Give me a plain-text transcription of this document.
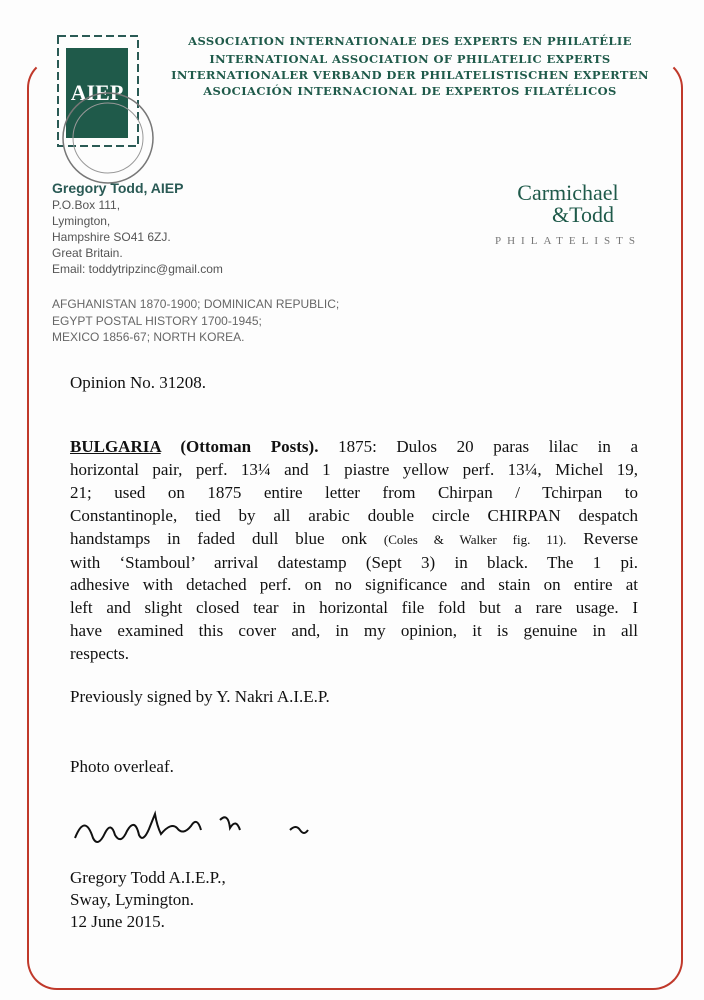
AIEP
ASSOCIATION INTERNATIONALE DES EXPERTS EN PHILATÉLIE
INTERNATIONAL ASSOCIATION OF PHILATELIC EXPERTS
INTERNATIONALER VERBAND DER PHILATELISTISCHEN EXPERTEN
ASOCIACIÓN INTERNACIONAL DE EXPERTOS FILATÉLICOS
Gregory Todd, AIEP
P.O.Box 111,
Lymington,
Hampshire SO41 6ZJ.
Great Britain.
Email: toddytripzinc@gmail.com
AFGHANISTAN 1870-1900; DOMINICAN REPUBLIC;
EGYPT POSTAL HISTORY 1700-1945;
MEXICO 1856-67; NORTH KOREA.
Carmichael
&Todd
PHILATELISTS
Opinion No. 31208.
BULGARIA (Ottoman Posts). 1875: Dulos 20 paras lilac in a
horizontal pair, perf. 13¼ and 1 piastre yellow perf. 13¼, Michel 19,
21; used on 1875 entire letter from Chirpan / Tchirpan to
Constantinople, tied by all arabic double circle CHIRPAN despatch
handstamps in faded dull blue onk (Coles & Walker fig. 11). Reverse
with ‘Stamboul’ arrival datestamp (Sept 3) in black. The 1 pi.
adhesive with detached perf. on no significance and stain on entire at
left and slight closed tear in horizontal file fold but a rare usage. I
have examined this cover and, in my opinion, it is genuine in all
respects.
Previously signed by Y. Nakri A.I.E.P.
Photo overleaf.
Gregory Todd A.I.E.P.,
Sway, Lymington.
12 June 2015.
